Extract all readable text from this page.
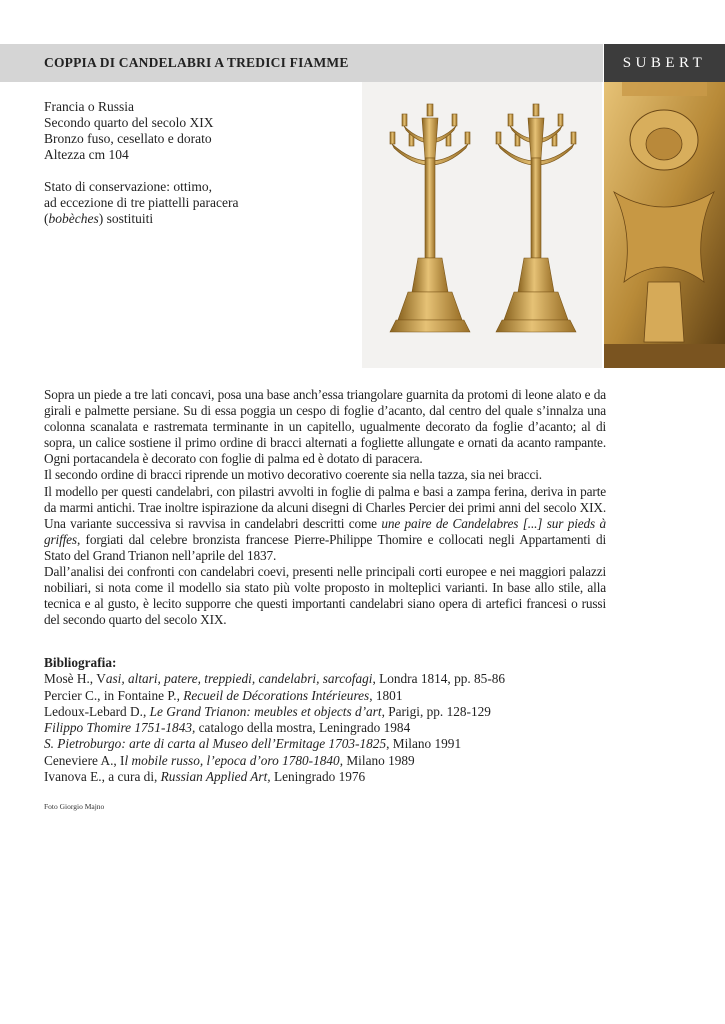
COPPIA DI CANDELABRI A TREDICI FIAMME	SUBERT
Francia o Russia
Secondo quarto del secolo XIX
Bronzo fuso, cesellato e dorato
Altezza cm 104
Stato di conservazione: ottimo,
ad eccezione di tre piattelli paracera
(bobèches) sostituiti

Sopra un piede a tre lati concavi, posa una base anch’essa triangolare guarnita da protomi di leone alato e da girali e palmette persiane. Su di essa poggia un cespo di foglie d’acanto, dal centro del quale s’innalza una colonna scanalata e rastremata terminante in un capitello, ugualmente decorato da foglie d’acanto; al di sopra, un calice sostiene il primo ordine di bracci alternati a fogliette allungate e ornati da acanto rampante. Ogni portacandela è decorato con foglie di palma ed è dotato di paracera.

Il secondo ordine di bracci riprende un motivo decorativo coerente sia nella tazza, sia nei bracci.

Il modello per questi candelabri, con pilastri avvolti in foglie di palma e basi a zampa ferina, deriva in parte da marmi antichi. Trae inoltre ispirazione da alcuni disegni di Charles Percier dei primi anni del secolo XIX. Una variante successiva si ravvisa in candelabri descritti come une paire de Candelabres [...] sur pieds à griffes, forgiati dal celebre bronzista francese Pierre-Philippe Thomire e collocati negli Appartamenti di Stato del Grand Trianon nell’aprile del 1837.

Dall’analisi dei confronti con candelabri coevi, presenti nelle principali corti europee e nei maggiori palazzi nobiliari, si nota come il modello sia stato più volte proposto in molteplici varianti. In base allo stile, alla tecnica e al gusto, è lecito supporre che questi importanti candelabri siano opera di artefici francesi o russi del secondo quarto del secolo XIX.

Bibliografia:
Mosè H., Vasi, altari, patere, treppiedi, candelabri, sarcofagi, Londra 1814, pp. 85-86
Percier C., in Fontaine P., Recueil de Décorations Intérieures, 1801
Ledoux-Lebard D., Le Grand Trianon: meubles et objects d’art, Parigi, pp. 128-129
Filippo Thomire 1751-1843, catalogo della mostra, Leningrado 1984
S. Pietroburgo: arte di carta al Museo dell’Ermitage 1703-1825, Milano 1991
Ceneviere A., Il mobile russo, l’epoca d’oro 1780-1840, Milano 1989
Ivanova E., a cura di, Russian Applied Art, Leningrado 1976
Foto Giorgio Majno
